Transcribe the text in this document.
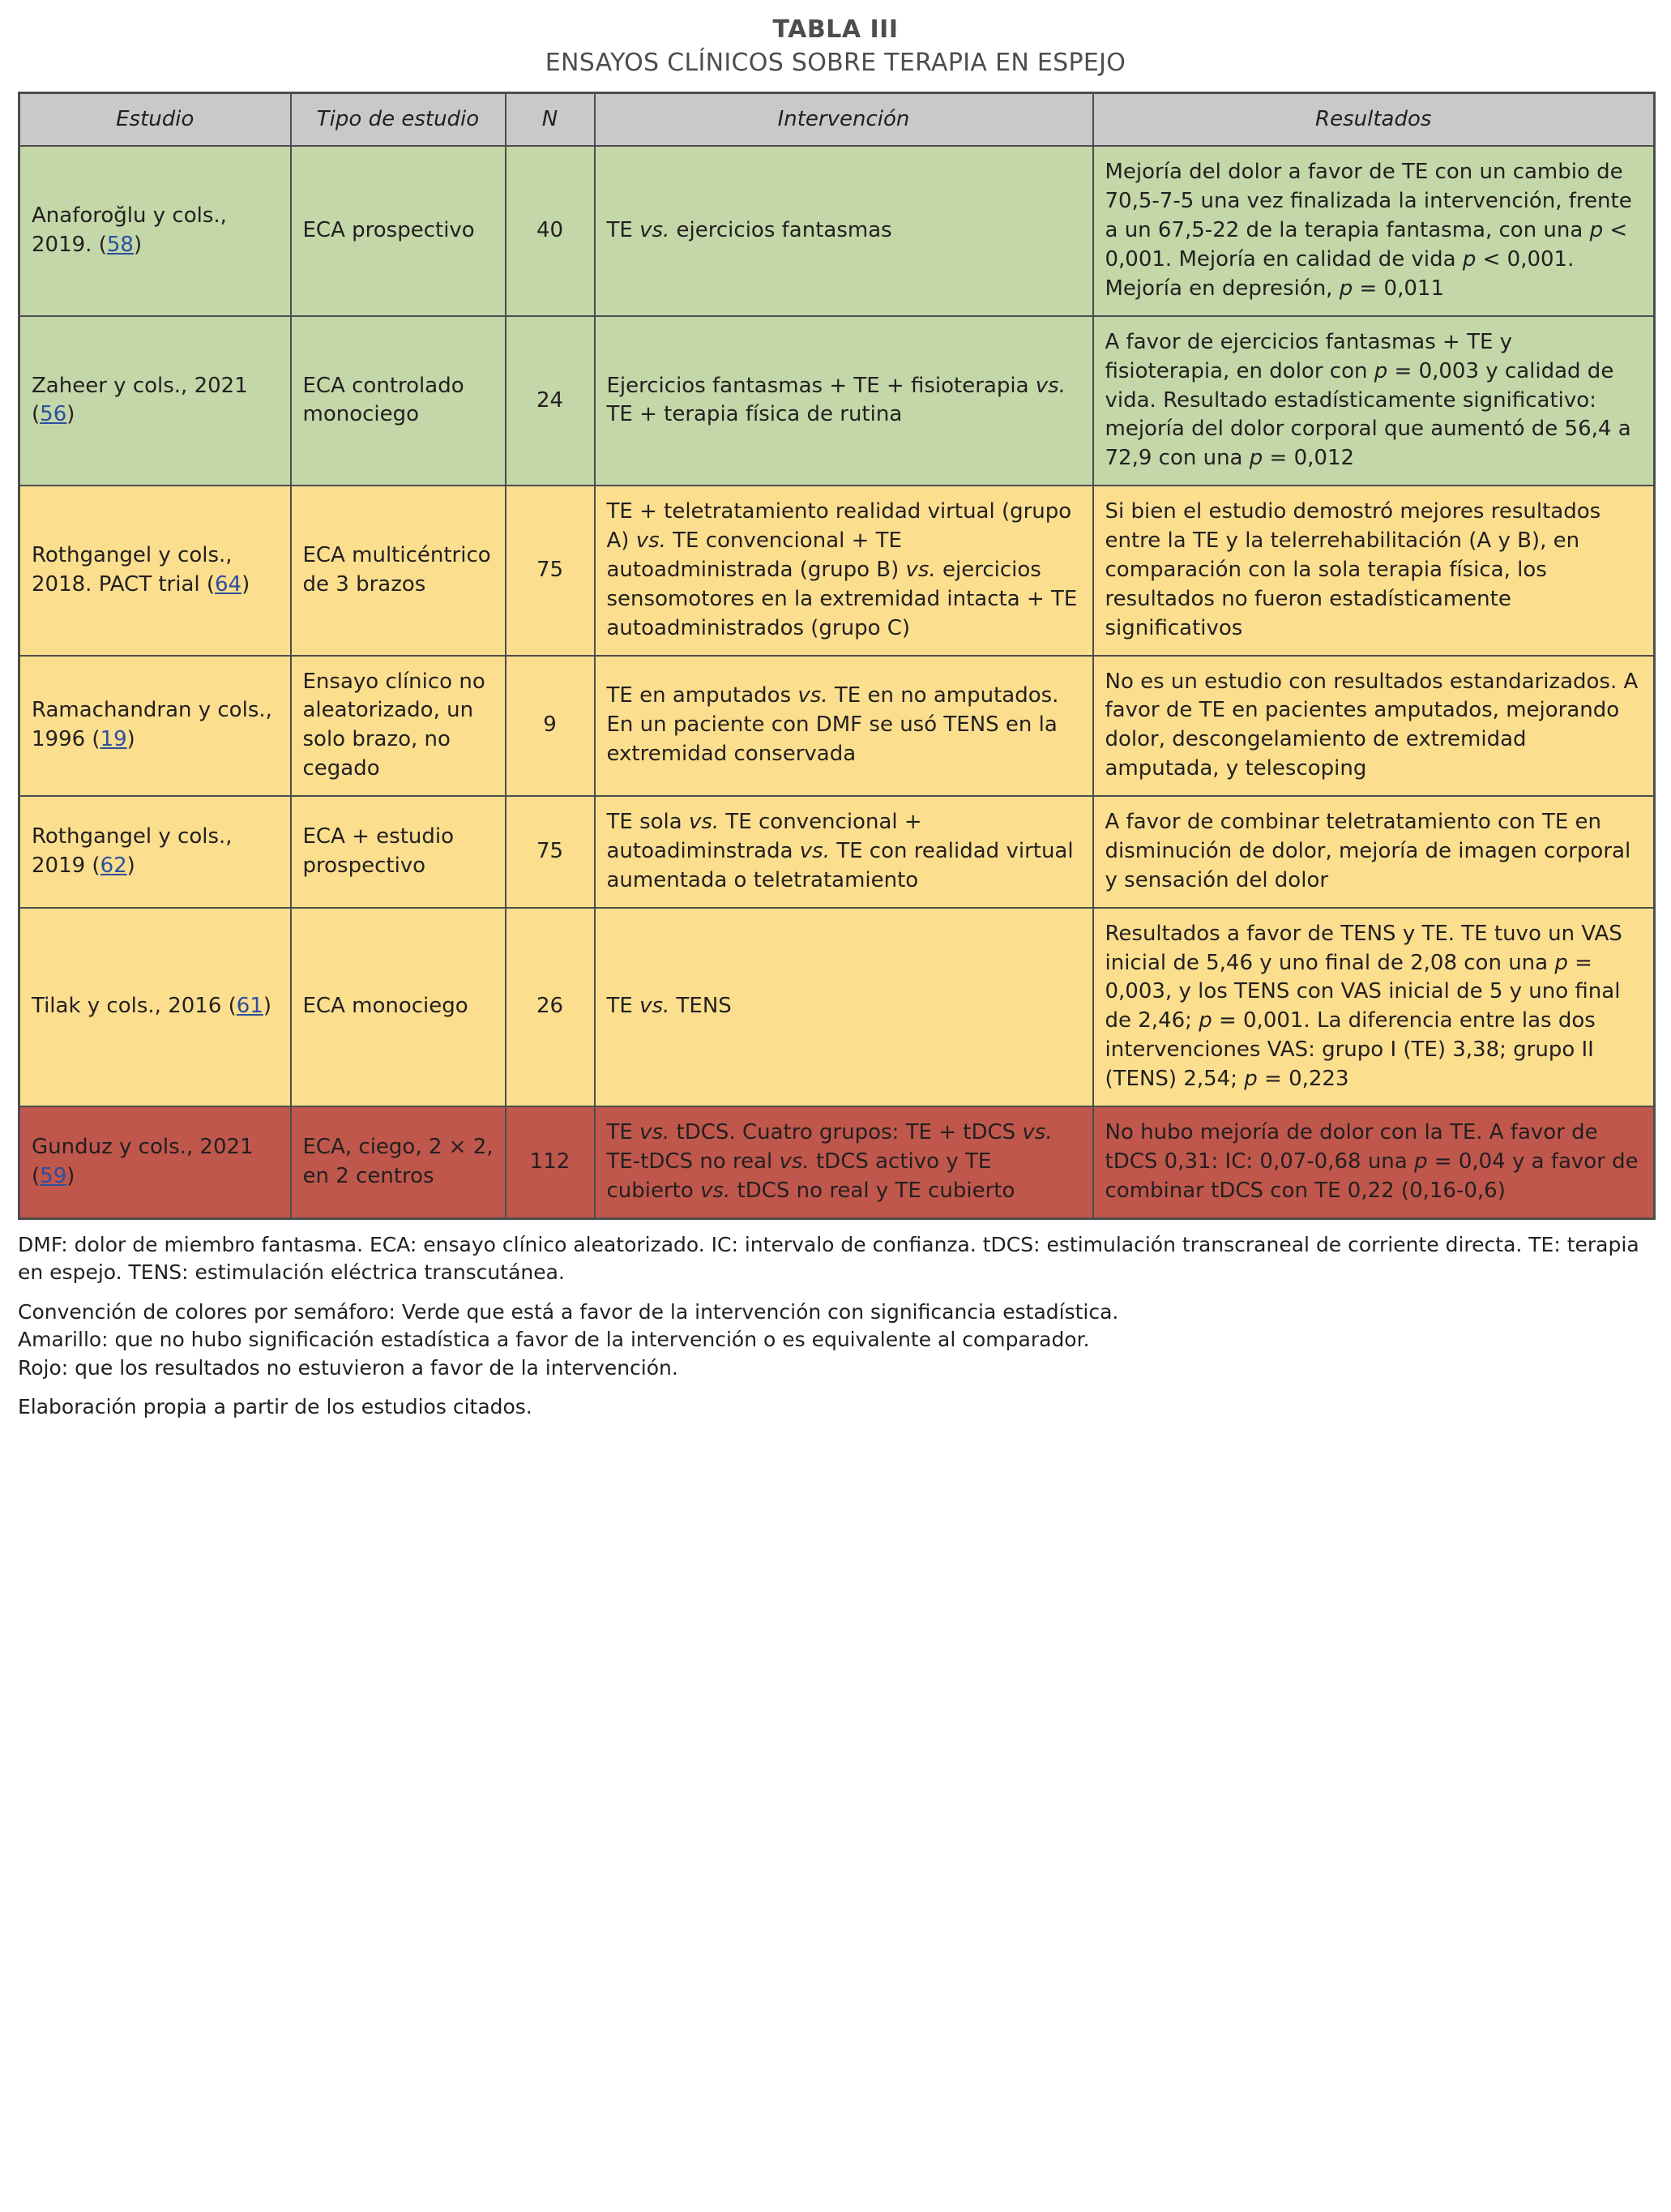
TABLA III
ENSAYOS CLÍNICOS SOBRE TERAPIA EN ESPEJO
Estudio	Tipo de estudio	N	Intervención	Resultados
Anaforoğlu y cols., 2019. (58)	ECA prospectivo	40	TE vs. ejercicios fantasmas	Mejoría del dolor a favor de TE con un cambio de 70,5-7-5 una vez finalizada la intervención, frente a un 67,5-22 de la terapia fantasma, con una p < 0,001. Mejoría en calidad de vida p < 0,001. Mejoría en depresión, p = 0,011
Zaheer y cols., 2021 (56)	ECA controlado monociego	24	Ejercicios fantasmas + TE + fisioterapia vs. TE + terapia física de rutina	A favor de ejercicios fantasmas + TE y fisioterapia, en dolor con p = 0,003 y calidad de vida. Resultado estadísticamente significativo: mejoría del dolor corporal que aumentó de 56,4 a 72,9 con una p = 0,012
Rothgangel y cols., 2018. PACT trial (64)	ECA multicéntrico de 3 brazos	75	TE + teletratamiento realidad virtual (grupo A) vs. TE convencional + TE autoadministrada (grupo B) vs. ejercicios sensomotores en la extremidad intacta + TE autoadministrados (grupo C)	Si bien el estudio demostró mejores resultados entre la TE y la telerrehabilitación (A y B), en comparación con la sola terapia física, los resultados no fueron estadísticamente significativos
Ramachandran y cols., 1996 (19)	Ensayo clínico no aleatorizado, un solo brazo, no cegado	9	TE en amputados vs. TE en no amputados. En un paciente con DMF se usó TENS en la extremidad conservada	No es un estudio con resultados estandarizados. A favor de TE en pacientes amputados, mejorando dolor, descongelamiento de extremidad amputada, y telescoping
Rothgangel y cols., 2019 (62)	ECA + estudio prospectivo	75	TE sola vs. TE convencional + autoadiminstrada vs. TE con realidad virtual aumentada o teletratamiento	A favor de combinar teletratamiento con TE en disminución de dolor, mejoría de imagen corporal y sensación del dolor
Tilak y cols., 2016 (61)	ECA monociego	26	TE vs. TENS	Resultados a favor de TENS y TE. TE tuvo un VAS inicial de 5,46 y uno final de 2,08 con una p = 0,003, y los TENS con VAS inicial de 5 y uno final de 2,46; p = 0,001. La diferencia entre las dos intervenciones VAS: grupo I (TE) 3,38; grupo II (TENS) 2,54; p = 0,223
Gunduz y cols., 2021 (59)	ECA, ciego, 2 × 2, en 2 centros	112	TE vs. tDCS. Cuatro grupos: TE + tDCS vs. TE-tDCS no real vs. tDCS activo y TE cubierto vs. tDCS no real y TE cubierto	No hubo mejoría de dolor con la TE. A favor de tDCS 0,31: IC: 0,07-0,68 una p = 0,04 y a favor de combinar tDCS con TE 0,22 (0,16-0,6)

DMF: dolor de miembro fantasma. ECA: ensayo clínico aleatorizado. IC: intervalo de confianza. tDCS: estimulación transcraneal de corriente directa. TE: terapia en espejo. TENS: estimulación eléctrica transcutánea.

Convención de colores por semáforo: Verde que está a favor de la intervención con significancia estadística.
Amarillo: que no hubo significación estadística a favor de la intervención o es equivalente al comparador.
Rojo: que los resultados no estuvieron a favor de la intervención.

Elaboración propia a partir de los estudios citados.
